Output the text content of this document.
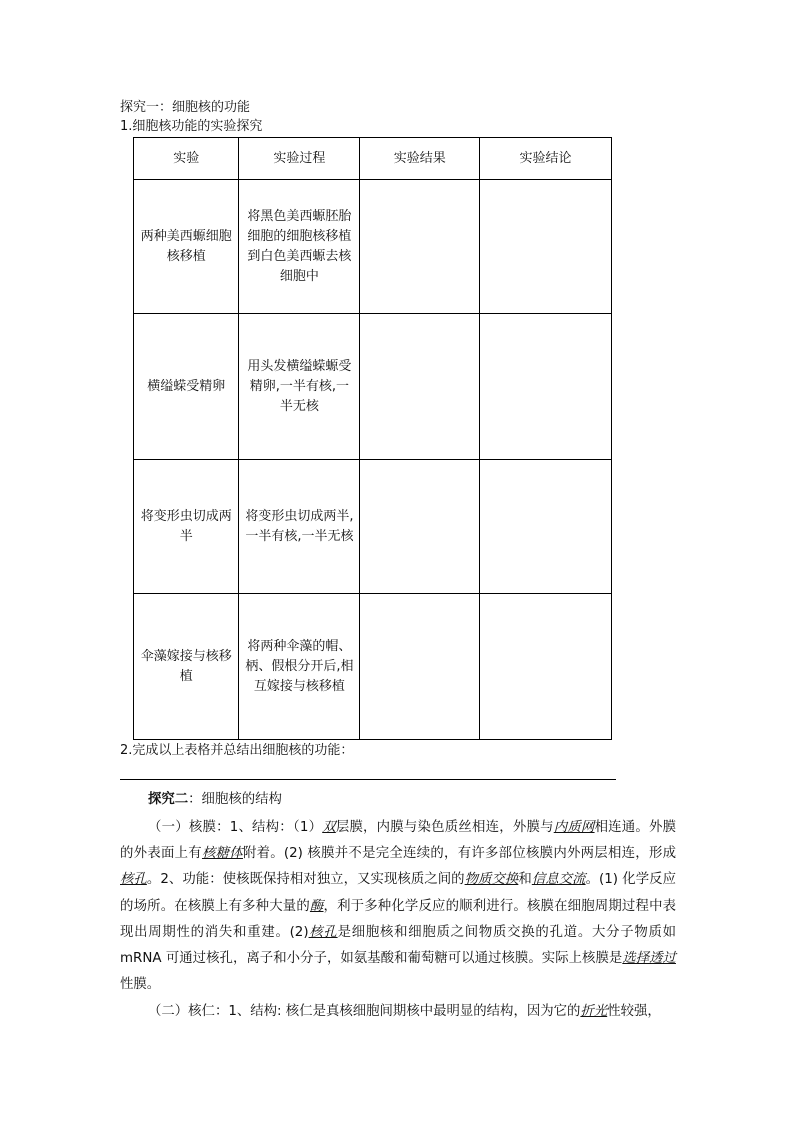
探究一：细胞核的功能
1.细胞核功能的实验探究
实验	实验过程	实验结果	实验结论
两种美西螈细胞核移植	将黑色美西螈胚胎细胞的细胞核移植到白色美西螈去核细胞中		
横缢蝾受精卵	用头发横缢蝾螈受精卵,一半有核,一半无核		
将变形虫切成两半	将变形虫切成两半, 一半有核,一半无核		
伞藻嫁接与核移植	将两种伞藻的帽、柄、假根分开后,相互嫁接与核移植		
2.完成以上表格并总结出细胞核的功能：
探究二：细胞核的结构
（一）核膜：1、结构：（1）双层膜，内膜与染色质丝相连，外膜与内质网相连通。外膜的外表面上有核糖体附着。(2) 核膜并不是完全连续的，有许多部位核膜内外两层相连，形成核孔。2、功能：使核既保持相对独立，又实现核质之间的物质交换和信息交流。(1) 化学反应的场所。在核膜上有多种大量的酶，利于多种化学反应的顺利进行。核膜在细胞周期过程中表现出周期性的消失和重建。(2)核孔是细胞核和细胞质之间物质交换的孔道。大分子物质如 mRNA 可通过核孔，离子和小分子，如氨基酸和葡萄糖可以通过核膜。实际上核膜是选择透过性膜。
（二）核仁：1、结构: 核仁是真核细胞间期核中最明显的结构，因为它的折光性较强，
